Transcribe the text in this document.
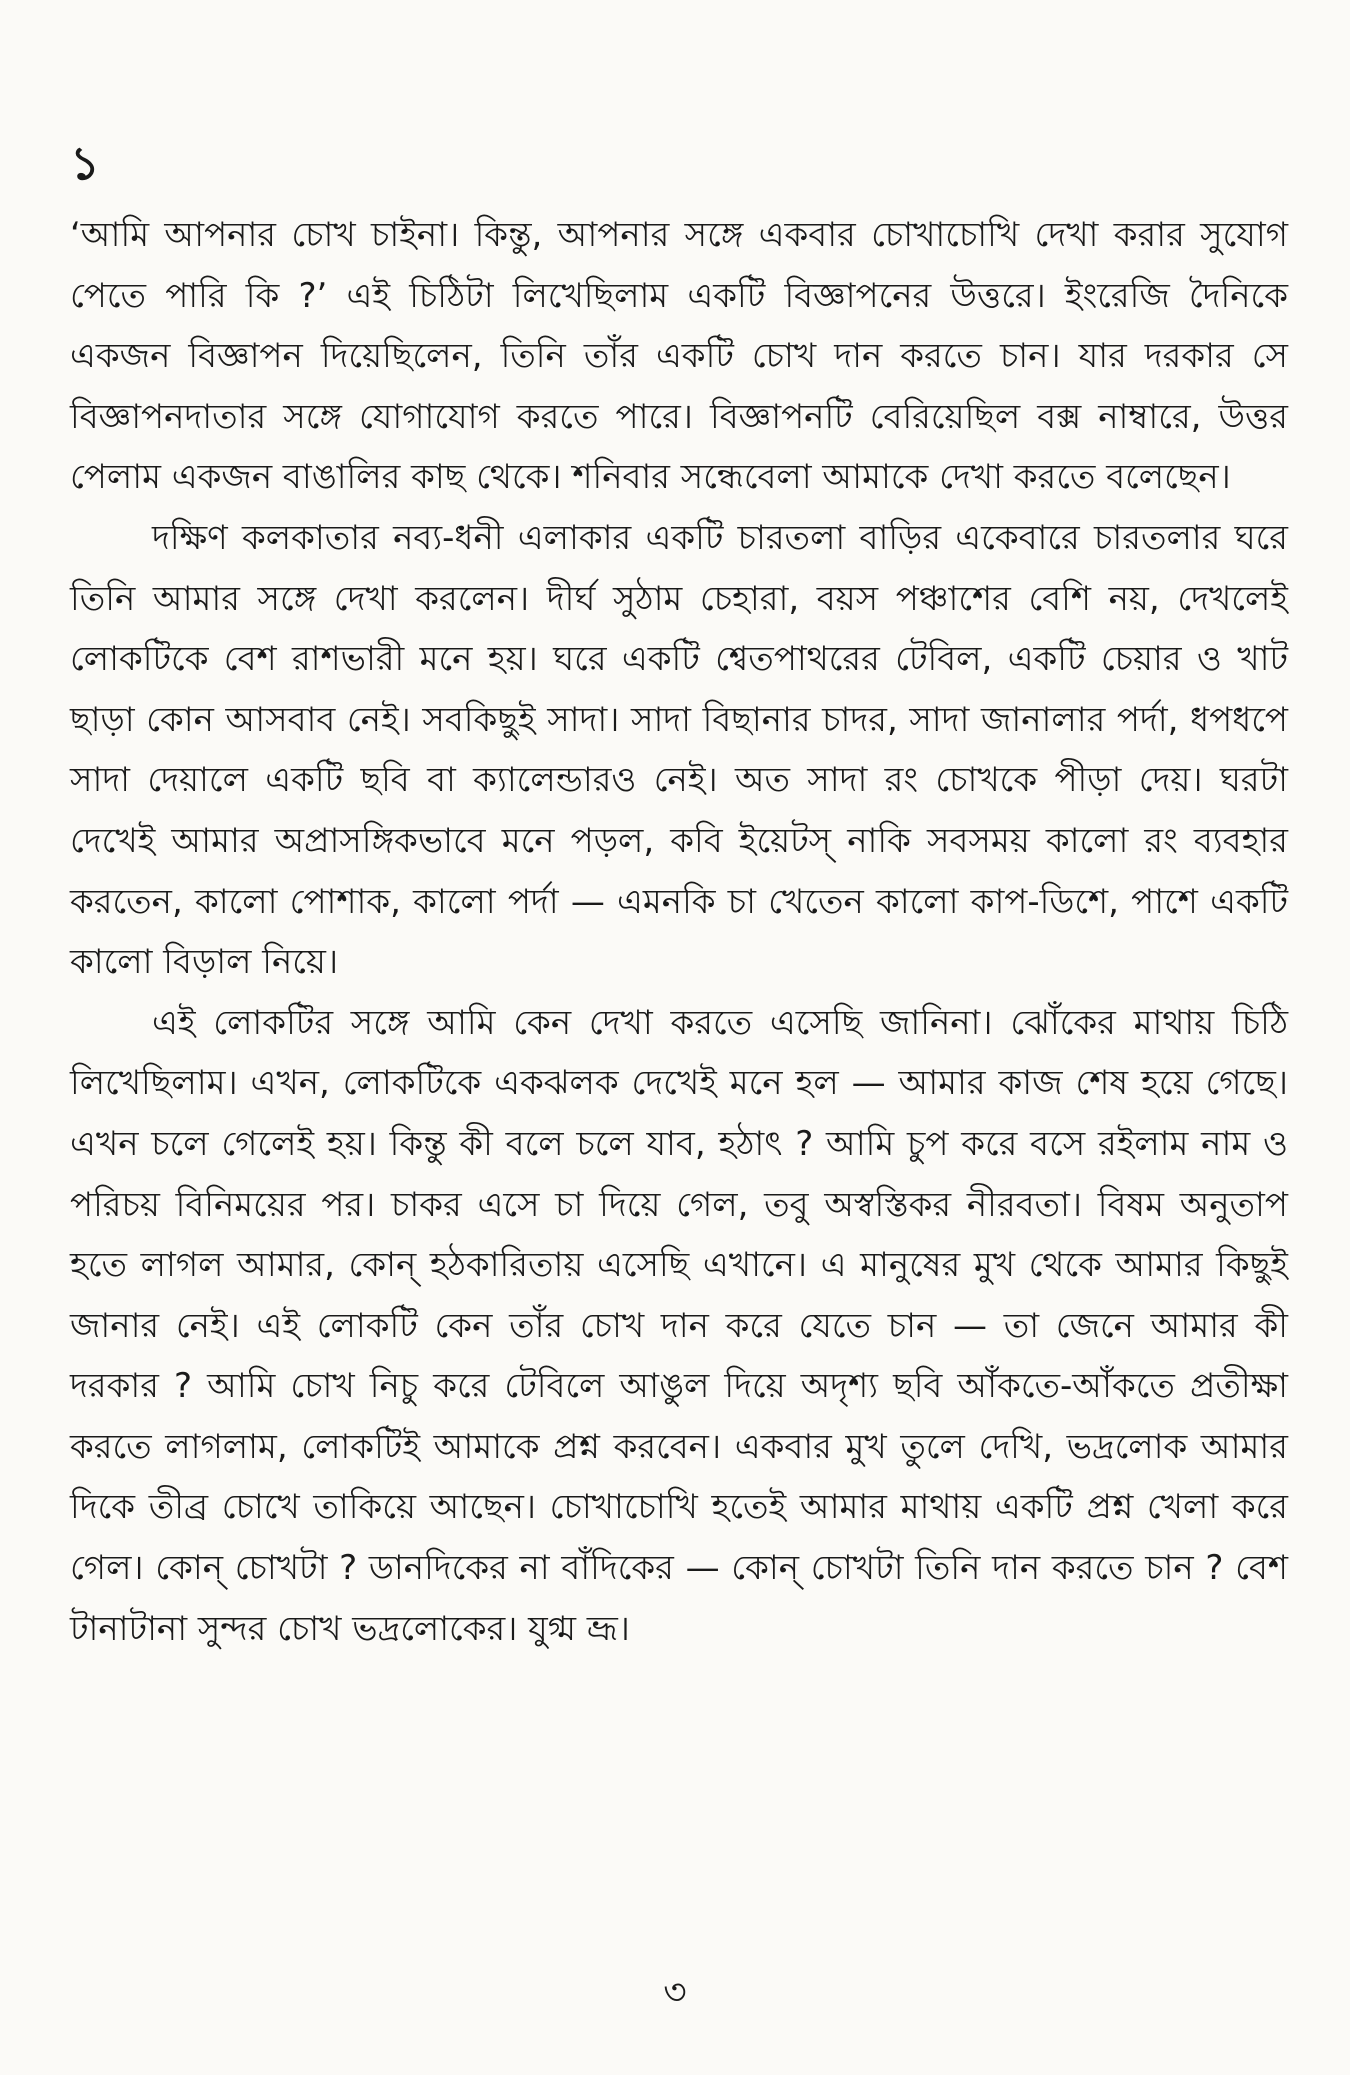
১

‘আমি আপনার চোখ চাইনা। কিন্তু, আপনার সঙ্গে একবার চোখাচোখি দেখা করার সুযোগ পেতে পারি কি ?’ এই চিঠিটা লিখেছিলাম একটি বিজ্ঞাপনের উত্তরে। ইংরেজি দৈনিকে একজন বিজ্ঞাপন দিয়েছিলেন, তিনি তাঁর একটি চোখ দান করতে চান। যার দরকার সে বিজ্ঞাপনদাতার সঙ্গে যোগাযোগ করতে পারে। বিজ্ঞাপনটি বেরিয়েছিল বক্স নাম্বারে, উত্তর পেলাম একজন বাঙালির কাছ থেকে। শনিবার সন্ধেবেলা আমাকে দেখা করতে বলেছেন।

দক্ষিণ কলকাতার নব্য-ধনী এলাকার একটি চারতলা বাড়ির একেবারে চারতলার ঘরে তিনি আমার সঙ্গে দেখা করলেন। দীর্ঘ সুঠাম চেহারা, বয়স পঞ্চাশের বেশি নয়, দেখলেই লোকটিকে বেশ রাশভারী মনে হয়। ঘরে একটি শ্বেতপাথরের টেবিল, একটি চেয়ার ও খাট ছাড়া কোন আসবাব নেই। সবকিছুই সাদা। সাদা বিছানার চাদর, সাদা জানালার পর্দা, ধপধপে সাদা দেয়ালে একটি ছবি বা ক্যালেন্ডারও নেই। অত সাদা রং চোখকে পীড়া দেয়। ঘরটা দেখেই আমার অপ্রাসঙ্গিকভাবে মনে পড়ল, কবি ইয়েটস্ নাকি সবসময় কালো রং ব্যবহার করতেন, কালো পোশাক, কালো পর্দা — এমনকি চা খেতেন কালো কাপ-ডিশে, পাশে একটি কালো বিড়াল নিয়ে।

এই লোকটির সঙ্গে আমি কেন দেখা করতে এসেছি জানিনা। ঝোঁকের মাথায় চিঠি লিখেছিলাম। এখন, লোকটিকে একঝলক দেখেই মনে হল — আমার কাজ শেষ হয়ে গেছে। এখন চলে গেলেই হয়। কিন্তু কী বলে চলে যাব, হঠাৎ ? আমি চুপ করে বসে রইলাম নাম ও পরিচয় বিনিময়ের পর। চাকর এসে চা দিয়ে গেল, তবু অস্বস্তিকর নীরবতা। বিষম অনুতাপ হতে লাগল আমার, কোন্ হঠকারিতায় এসেছি এখানে। এ মানুষের মুখ থেকে আমার কিছুই জানার নেই। এই লোকটি কেন তাঁর চোখ দান করে যেতে চান — তা জেনে আমার কী দরকার ? আমি চোখ নিচু করে টেবিলে আঙুল দিয়ে অদৃশ্য ছবি আঁকতে-আঁকতে প্রতীক্ষা করতে লাগলাম, লোকটিই আমাকে প্রশ্ন করবেন। একবার মুখ তুলে দেখি, ভদ্রলোক আমার দিকে তীব্র চোখে তাকিয়ে আছেন। চোখাচোখি হতেই আমার মাথায় একটি প্রশ্ন খেলা করে গেল। কোন্ চোখটা ? ডানদিকের না বাঁদিকের — কোন্ চোখটা তিনি দান করতে চান ? বেশ টানাটানা সুন্দর চোখ ভদ্রলোকের। যুগ্ম ভ্রূ।

৩
